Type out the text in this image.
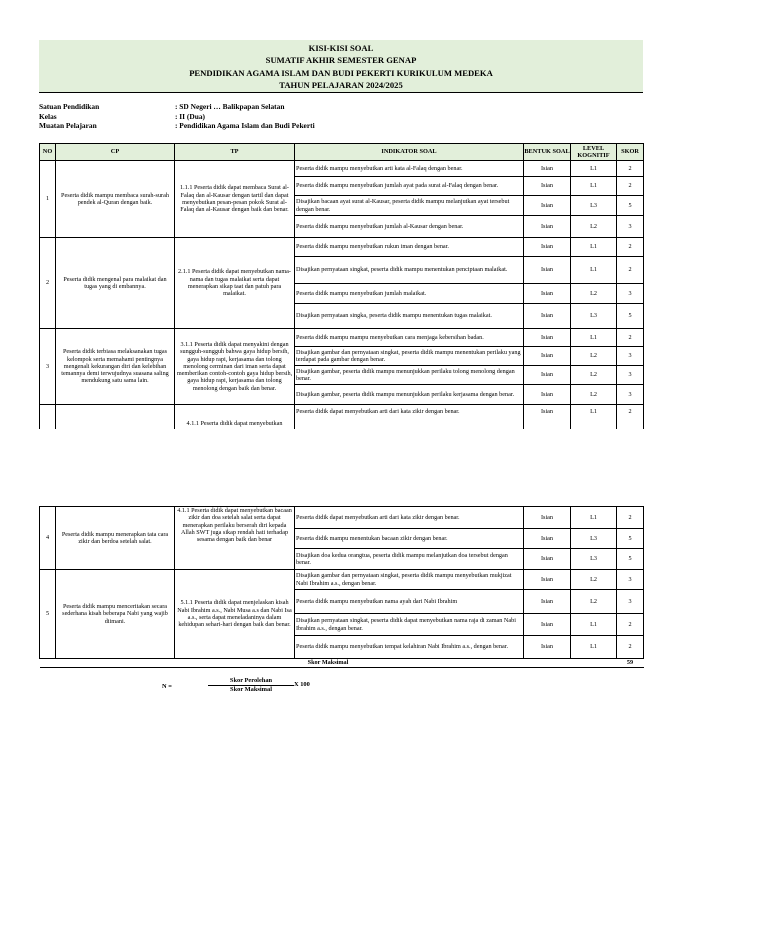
KISI-KISI SOAL
SUMATIF AKHIR SEMESTER GENAP
PENDIDIKAN AGAMA ISLAM DAN BUDI PEKERTI KURIKULUM MEDEKA
TAHUN PELAJARAN 2024/2025
Satuan Pendidikan	: SD Negeri … Balikpapan Selatan
Kelas	: II (Dua)
Muatan Pelajaran	: Pendidikan Agama Islam dan Budi Pekerti
NO	CP	TP	INDIKATOR SOAL	BENTUK SOAL	LEVEL KOGNITIF	SKOR
1	Peserta didik mampu membaca surah-surah pendek al-Quran dengan baik.	1.1.1 Peserta didik dapat membaca Surat al-Falaq dan al-Kausar dengan tartil dan dapat menyebutkan pesan-pesan pokok Surat al-Falaq dan al-Kausar dengan baik dan benar.	Peserta didik mampu menyebutkan arti kata al-Falaq dengan benar.	Isian	L1	2
			Peserta didik mampu menyebutkan jumlah ayat pada surat al-Falaq dengan benar.	Isian	L1	2
			Disajikan bacaan ayat surat al-Kausar, peserta didik mampu melanjutkan ayat tersebut dengan benar.	Isian	L3	5
			Peserta didik mampu menyebutkan jumlah al-Kausar dengan benar.	Isian	L2	3
2	Peserta didik mengenal para malaikat dan tugas yang di embannya.	2.1.1 Peserta didik dapat menyebutkan nama-nama dan tugas malaikat serta dapat menerapkan sikap taat dan patuh para malaikat.	Peserta didik mampu menyebutkan rukun iman dengan benar.	Isian	L1	2
			Disajikan pernyataan singkat, peserta didik mampu menentukan penciptaan malaikat.	Isian	L1	2
			Peserta didik mampu menyebutkan jumlah malaikat.	Isian	L2	3
			Disajikan pernyataan singka, peserta didik mampu menentukan tugas malaikat.	Isian	L3	5
3	Peserta didik terbiasa melaksanakan tugas kelompok serta memahami pentingnya mengenali kekurangan diri dan kelebihan temannya demi terwujudnya suasana saling mendukung satu sama lain.	3.1.1 Peserta didik dapat menyakini dengan sungguh-sungguh bahwa gaya hidup bersih, gaya hidup rapi, kerjasama dan tolong menolong cerminan dari iman serta dapat memberikan contoh-contoh gaya hidup bersih, gaya hidup rapi, kerjasama dan tolong menolong dengan baik dan benar.	Peserta didik mampu mampu menyebutkan cara menjaga kebersihan badan.	Isian	L1	2
			Disajikan gambar dan pernyataan singkat, peserta didik mampu menentukan perilaku yang terdapat pada gambar dengan benar.	Isian	L2	3
			Disajikan gambar, peserta didik mampu menunjukkan perilaku tolong menolong dengan benar.	Isian	L2	3
			Disajikan gambar, peserta didik mampu menunjukkan perilaku kerjasama dengan benar.	Isian	L2	3
		4.1.1 Peserta didik dapat menyebutkan	Peserta didik dapat menyebutkan arti dari kata zikir dengan benar.	Isian	L1	2
4	Peserta didik mampu menerapkan tata cara zikir dan berdoa setelah salat.	4.1.1 Peserta didik dapat menyebutkan bacaan zikir dan doa setelah salat serta dapat menerapkan perilaku berserah diri kepada Allah SWT juga sikap rendah hati terhadap sesama dengan baik dan benar	Peserta didik dapat menyebutkan arti dari kata zikir dengan benar.	Isian	L1	2
			Peserta didik mampu menentukan bacaan zikir dengan benar.	Isian	L3	5
			Disajikan doa kedua orangtua, peserta didik mampu melanjutkan doa tersebut dengan benar.	Isian	L3	5
5	Peserta didik mampu menceritakan secara sederhana kisah beberapa Nabi yang wajib diimani.	5.1.1 Peserta didik dapat menjelaskan kisah Nabi Ibrahim a.s., Nabi Musa a.s dan Nabi Isa a.s., serta dapat meneladaninya dalam kehidupan sehari-hari dengan baik dan benar.	Disajikan gambar dan pernyataan singkat, peserta didik mampu menyebutkan mukjizat Nabi Ibrahim a.s., dengan benar.	Isian	L2	3
			Peserta didik mampu menyebutkan nama ayah dari Nabi Ibrahim	Isian	L2	3
			Disajikan pernyataan singkat, peserta didik dapat menyebutkan nama raja di zaman Nabi Ibrahim a.s., dengan benar.	Isian	L1	2
			Peserta didik mampu menyebutkan tempat kelahiran Nabi Ibrahim a.s., dengan benar.	Isian	L1	2
Skor Maksimal						59
N =
Skor Perolehan
Skor Maksimal
X 100
